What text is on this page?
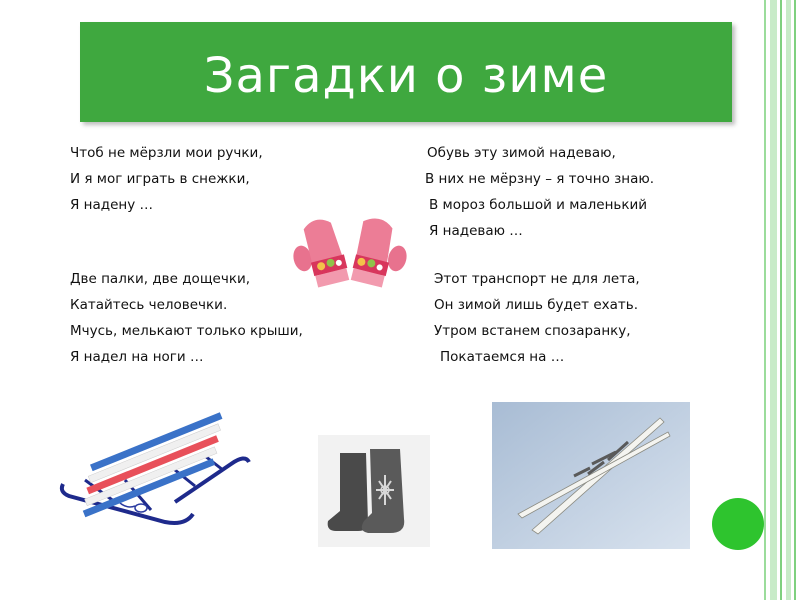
Загадки о зиме
Чтоб не мёрзли мои ручки,
И я мог играть в снежки,
Я надену …
Обувь эту зимой надеваю,
В них не мёрзну – я точно знаю.
В мороз большой и маленький
Я надеваю …
Две палки, две дощечки,
Катайтесь человечки.
Мчусь, мелькают только крыши,
Я надел на ноги …
Этот транспорт не для лета,
Он зимой лишь будет ехать.
Утром встанем спозаранку,
Покатаемся на …
